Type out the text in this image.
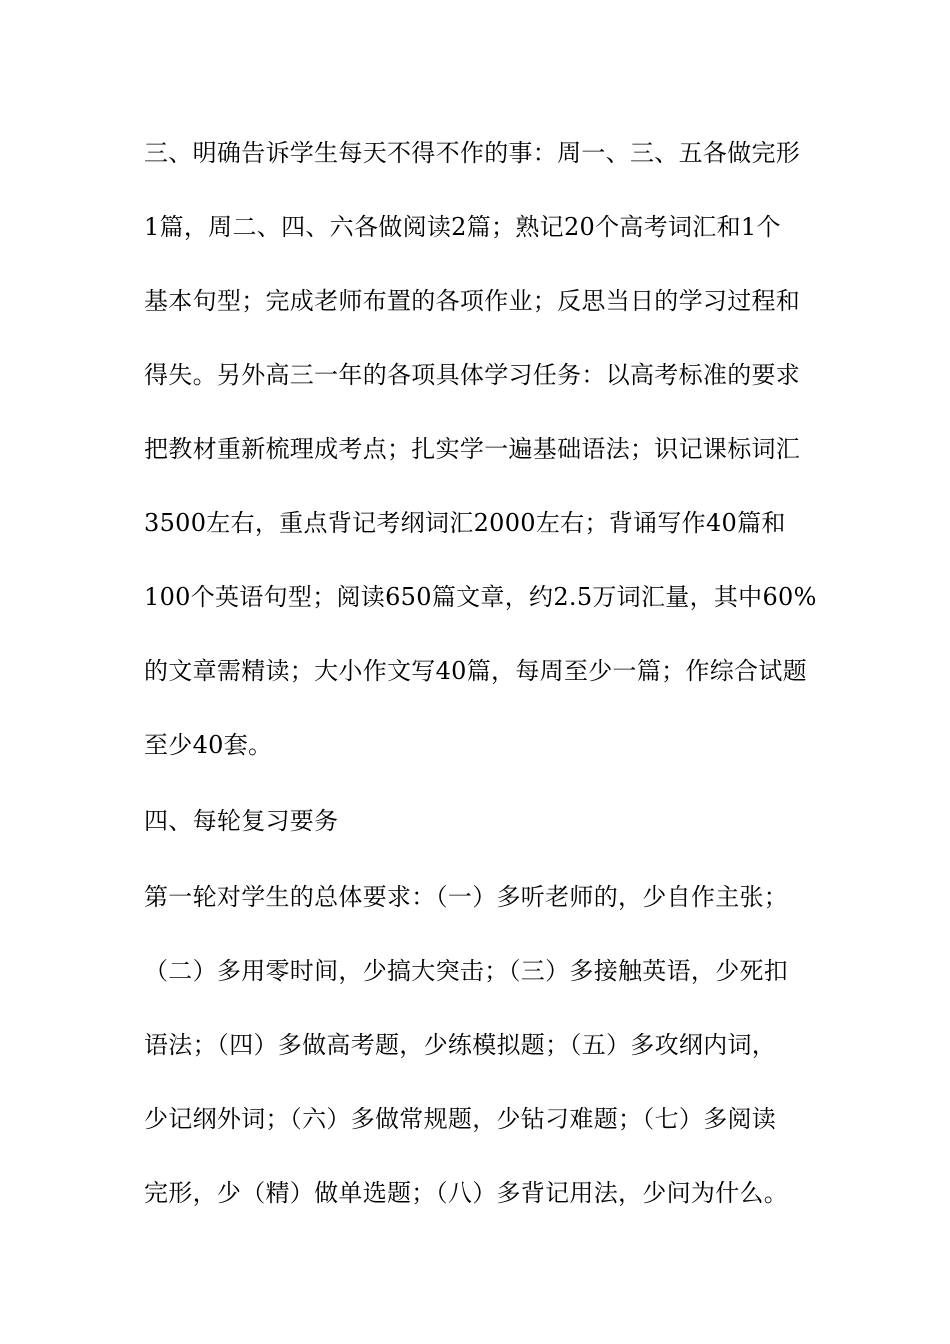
三、明确告诉学生每天不得不作的事：周一、三、五各做完形
1篇，周二、四、六各做阅读2篇；熟记20个高考词汇和1个
基本句型；完成老师布置的各项作业；反思当日的学习过程和
得失。另外高三一年的各项具体学习任务：以高考标准的要求
把教材重新梳理成考点；扎实学一遍基础语法；识记课标词汇
3500左右，重点背记考纲词汇2000左右；背诵写作40篇和
100个英语句型；阅读650篇文章，约2.5万词汇量，其中60%
的文章需精读；大小作文写40篇，每周至少一篇；作综合试题
至少40套。
四、每轮复习要务
第一轮对学生的总体要求：（一）多听老师的，少自作主张；
（二）多用零时间，少搞大突击；（三）多接触英语，少死扣
语法；（四）多做高考题，少练模拟题；（五）多攻纲内词，
少记纲外词；（六）多做常规题，少钻刁难题；（七）多阅读
完形，少（精）做单选题；（八）多背记用法，少问为什么。
